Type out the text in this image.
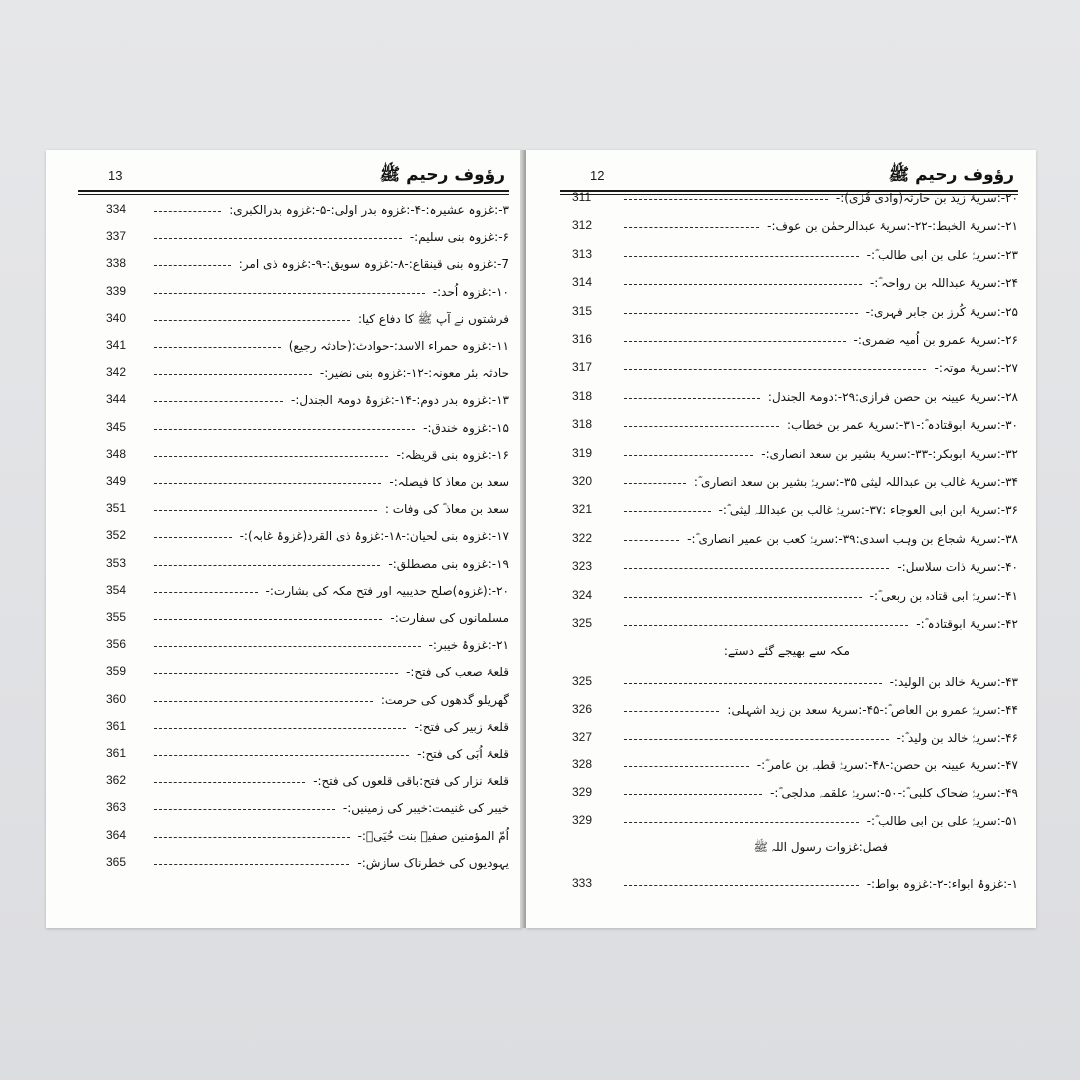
13	رؤوف رحیم ﷺ
334	۳-:غزوہ عشیرہ:-۴-:غزوہ بدر اولی:-۵-:غزوہ بدرالکبری:
337	۶-:غزوہ بنی سلیم:-
338	7-:غزوہ بنی قینقاع:-۸-:غزوہ سویق:-۹-:غزوہ ذی امر:
339	۱۰-:غزوہ اُحد:-
340	فرشتوں نے آپ ﷺ کا دفاع کیا:
341	۱۱-:غزوہ حمراء الاسد:-حوادث:(حادثہ رجیع)
342	حادثہ بئر معونہ:-۱۲-:غزوہ بنی نضیر:-
344	۱۳-:غزوہ بدر دوم:-۱۴-:غزوۂ دومۃ الجندل:-
345	۱۵-:غزوہ خندق:-
348	۱۶-:غزوہ بنی قریظہ:-
349	سعد بن معاذ کا فیصلہ:-
351	سعد بن معاذ ؓ کی وفات :
352	۱۷-:غزوہ بنی لحیان:-۱۸-:غزوۂ ذی القرد(غزوۂ غابہ):-
353	۱۹-:غزوہ بنی مصطلق:-
354	۲۰-:(غزوہ)صلح حدیبیہ اور فتح مکہ کی بشارت:-
355	مسلمانوں کی سفارت:-
356	۲۱-:غزوۂ خیبر:-
359	قلعۂ صعب کی فتح:-
360	گھریلو گدھوں کی حرمت:
361	قلعۂ زبیر کی فتح:-
361	قلعۂ اُبَی کی فتح:-
362	قلعۂ نزار کی فتح:باقی قلعوں کی فتح:-
363	خیبر کی غنیمت:خیبر کی زمینیں:-
364	اُمّ المؤمنین صفیہ بنت حُیَیؓ:-
365	یہودیوں کی خطرناک سازش:-
12	رؤوف رحیم ﷺ
311	۲۰-:سریۂ زید بن حارثہ(وادی قُرٰی):-
312	۲۱-:سریۂ الخبط:-۲۲-:سریۂ عبدالرحمٰن بن عوف:-
313	۲۳-:سریۂ علی بن ابی طالب ؓ:-
314	۲۴-:سریۂ عبداللہ بن رواحہ ؓ:-
315	۲۵-:سریۂ کُرز بن جابر فہری:-
316	۲۶-:سریۂ عمرو بن اُمیہ ضمری:-
317	۲۷-:سریۂ موتہ:-
318	۲۸-:سریۂ عیینہ بن حصن فرازی:۲۹-:دومۃ الجندل:
318	۳۰-:سریۂ ابوقتادہ ؓ:-۳۱-:سریۂ عمر بن خطاب:
319	۳۲-:سریۂ ابوبکر:-۳۳-:سریۂ بشیر بن سعد انصاری:-
320	۳۴-:سریۂ غالب بن عبداللہ لیثی ۳۵-:سریۂ بشیر بن سعد انصاری ؓ:
321	۳۶-:سریۂ ابن ابی العوجاء :۳۷-:سریۂ غالب بن عبداللہ لیثی ؓ:-
322	۳۸-:سریۂ شجاع بن وہب اسدی:۳۹-:سریۂ کعب بن عمیر انصاری ؓ:-
323	۴۰-:سریۂ ذات سلاسل:-
324	۴۱-:سریۂ ابی قتادہ بن ربعی ؓ:-
325	۴۲-:سریۂ ابوقتادہ ؓ:-
325	۴۳-:سریۂ خالد بن الولید:-
326	۴۴-:سریۂ عمرو بن العاص ؓ:-۴۵-:سریۂ سعد بن زید اشہلی:
327	۴۶-:سریۂ خالد بن ولید ؓ:-
328	۴۷-:سریۂ عیینہ بن حصن:-۴۸-:سریۂ قطبہ بن عامر ؓ:-
329	۴۹-:سریۂ ضحاک کلبی ؓ:-۵۰-:سریۂ علقمہ مدلجی ؓ:-
329	۵۱-:سریۂ علی بن ابی طالب ؓ:-
333	۱-:غزوۂ ابواء:-۲-:غزوہ بواط:-
مکہ سے بھیجے گئے دستے:
فصل:غزوات رسول اللہ ﷺ
